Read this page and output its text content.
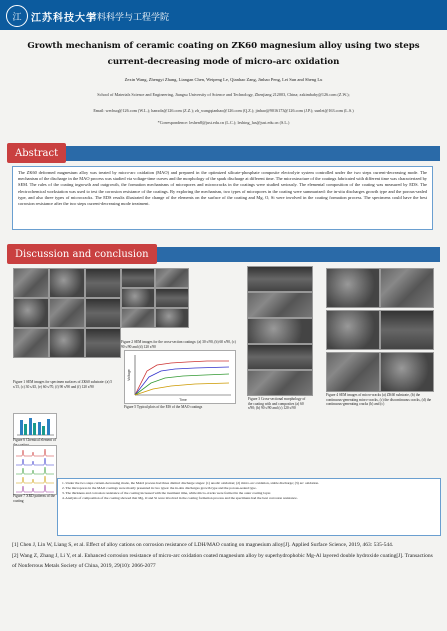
江 江苏科技大学
材料科学与工程学院
Growth mechanism of ceramic coating on ZK60 magnesium alloy using two steps
current-decreasing mode of micro-arc oxidation
Zexin Wang, Zhengyi Zhang, Liangan Chen, Weipeng Le, Qianhao Zang, Jinhao Peng, Lei Sun and Sheng Lu
School of Materials Science and Engineering, Jiangsu University of Science and Technology, Zhenjiang 212003, China; zxkimbaby@126.com (Z.W.);
Email: wechuq@126.com (W.L.); hanxdz@126.com (Z.Z.); zh_wangqianhao@126.com (Q.Z.); jinhao@9016173@126.com (J.P.); sunlei@163.com (L.S.)
*Correspondence: leshen8@just.edu.cn (L.C.); leshing_lus@just.edu.cn (S.L.)
Abstract
The ZK60 deformed magnesium alloy was treated by micro-arc oxidation (MAO) and prepared in the optimized silicate-phosphate composite electrolyte system controlled under the two steps current-decreasing mode. The mechanism of the discharge in the MAO process was studied via voltage-time curves and the morphology of the spark discharge at different time. The microstructure of the coatings fabricated with different time was characterized by SEM. The rules of the coating ingrowth and outgrowth, the formation mechanisms of micropores and microcracks in the coatings were studied seriously. The elemental composition of the coating was measured by EDS. The electrochemical workstation was used to test the corrosion resistance of the coatings. By exploring the mechanism, two types of micropores in the coating were summarized: the in-situ discharges growth type and the porous-sealed type, and also three types of microcracks. The EDS results illustrated the change of the elements on the surface of the coating and Mg, O, Si were involved in the coating formation process. The specimens could have the best corrosion resistance after the two steps current-decreasing mode treatment.
Discussion and conclusion
Figure 1 SEM images for specimen surfaces of ZK60 substrate: (a) 5 s/15, (c) 30 s/45, (e) 60 s/70, (f) 90 s/90 and (f) 120 s/90
Figure 2 SEM images for the cross-section coatings: (a) 30 s/90, (b) 60 s/90, (c) 90 s/90 and (d) 120 s/90
Figure 3 Cross-sectional morphology of the coating with and composites (a) 60 s/90; (b) 90 s/90 and (c) 120 s/90
Figure 4 SEM images of micro-cracks (a) ZK60 substrate, (b) the continuous-generating micro-cracks, (c) the discontinuous cracks, (d) the continuous-generating cracks (b) and (c)
Time
Voltage
Figure 5 Typical plots of the EIS of the MAO coatings
Figure 6 Chemical element of the coating
Figure 7 XRD patterns of the coating
1. Under the two steps current-decreasing mode, the MAO process had three distinct discharge stages: (1) anodic oxidation; (2) micro-arc oxidation, stable discharge; (3) arc oxidation.
2. The micropores in the MAO coatings were mostly presented in two types: the in-situ discharges growth type and the porous-sealed type.
3. The thickness and corrosion resistance of the coating increased with the treatment time, while micro-cracks were formed in the outer coating layer.
4. Analysis of composition of the coating showed that Mg, O and Si were involved in the coating formation process and the specimens had the best corrosion resistance.
[1] Chen J, Lin W, Liang S, et al. Effect of alloy cations on corrosion resistance of LDH/MAO coating on magnesium alloy[J]. Applied Surface Science, 2019, 463: 535-544.
[2] Wang Z, Zhang J, Li Y, et al. Enhanced corrosion resistance of micro-arc oxidation coated magnesium alloy by superhydrophobic Mg-Al layered double hydroxide coating[J]. Transactions of Nonferrous Metals Society of China, 2019, 29(10): 2066-2077
